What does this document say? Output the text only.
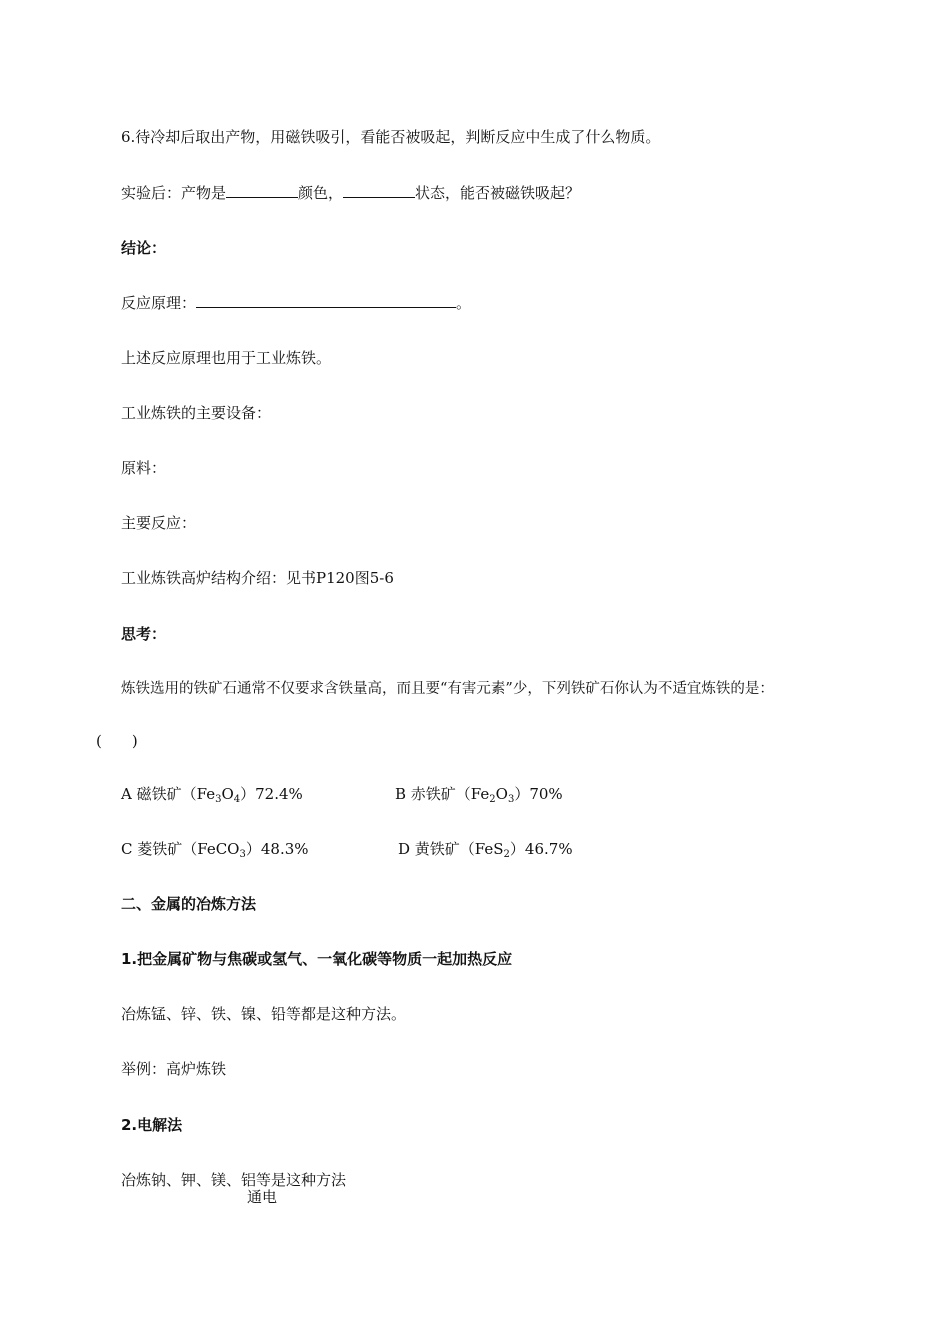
6.待冷却后取出产物，用磁铁吸引，看能否被吸起，判断反应中生成了什么物质。
实验后：产物是	颜色，	状态，能否被磁铁吸起？
结论：
反应原理：	。
上述反应原理也用于工业炼铁。
工业炼铁的主要设备：
原料：
主要反应：
工业炼铁高炉结构介绍：见书P120图5-6
思考：
炼铁选用的铁矿石通常不仅要求含铁量高，而且要“有害元素”少，下列铁矿石你认为不适宜炼铁的是：
(　　)
A 磁铁矿$(Fe_3O_4)72.4\%$	B 赤铁矿$(Fe_2O_3)70\%$
C 菱铁矿（FeCO$_3$）48.3%	D 黄铁矿（FeS$_2$）46.7%
二、金属的冶炼方法
1.把金属矿物与焦碳或氢气、一氧化碳等物质一起加热反应
冶炼锰、锌、铁、镍、铅等都是这种方法。
举例：高炉炼铁
2.电解法
冶炼钠、钾、镁、铝等是这种方法
通电
